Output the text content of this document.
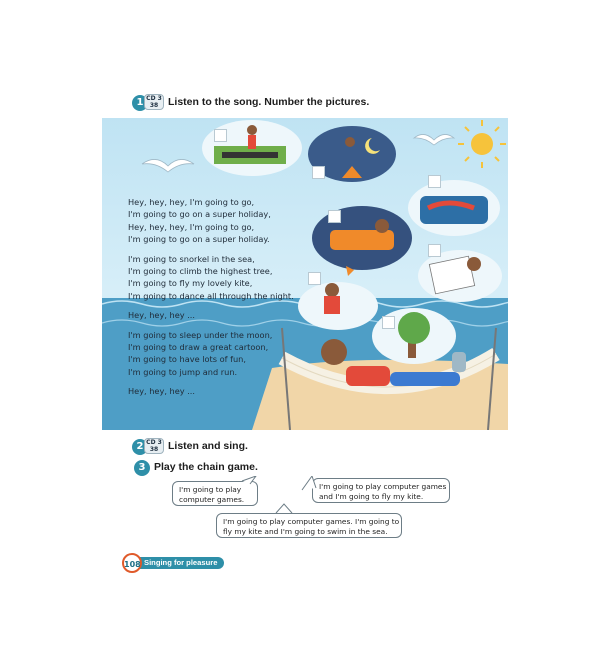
1 CD 3
38 Listen to the song. Number the pictures.
Hey, hey, hey, I'm going to go,
I'm going to go on a super holiday,
Hey, hey, hey, I'm going to go,
I'm going to go on a super holiday.
I'm going to snorkel in the sea,
I'm going to climb the highest tree,
I'm going to fly my lovely kite,
I'm going to dance all through the night.
Hey, hey, hey ...
I'm going to sleep under the moon,
I'm going to draw a great cartoon,
I'm going to have lots of fun,
I'm going to jump and run.
Hey, hey, hey ...
2 CD 3
38 Listen and sing.
3 Play the chain game.
I'm going to play
computer games.
I'm going to play computer games
and I'm going to fly my kite.
I'm going to play computer games. I'm going to
fly my kite and I'm going to swim in the sea.
Singing for pleasure
108
